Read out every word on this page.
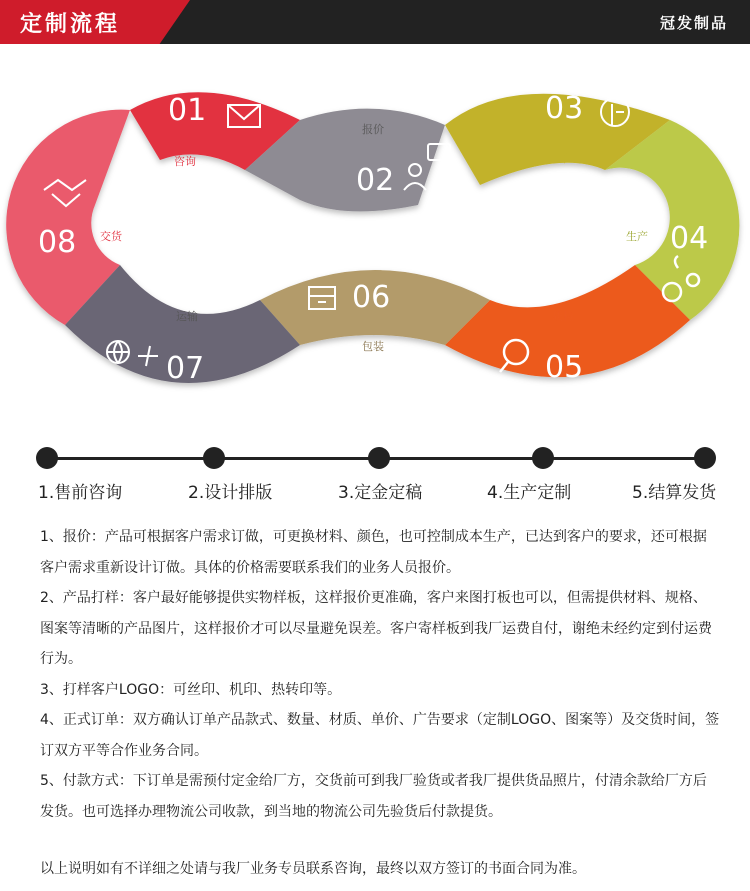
定制流程	冠发制品
01
咨询
报价
02
03
下单
生产 04
质检
05
06
包装
运输
07
08 交货
1.售前咨询	2.设计排版	3.定金定稿	4.生产定制	5.结算发货

1、报价：产品可根据客户需求订做，可更换材料、颜色，也可控制成本生产，已达到客户的要求，还可根据客户需求重新设计订做。具体的价格需要联系我们的业务人员报价。

2、产品打样：客户最好能够提供实物样板，这样报价更准确，客户来图打板也可以，但需提供材料、规格、图案等清晰的产品图片，这样报价才可以尽量避免误差。客户寄样板到我厂运费自付，谢绝未经约定到付运费行为。

3、打样客户LOGO：可丝印、机印、热转印等。

4、正式订单：双方确认订单产品款式、数量、材质、单价、广告要求（定制LOGO、图案等）及交货时间，签订双方平等合作业务合同。

5、付款方式：下订单是需预付定金给厂方，交货前可到我厂验货或者我厂提供货品照片，付清余款给厂方后发货。也可选择办理物流公司收款，到当地的物流公司先验货后付款提货。

以上说明如有不详细之处请与我厂业务专员联系咨询，最终以双方签订的书面合同为准。
